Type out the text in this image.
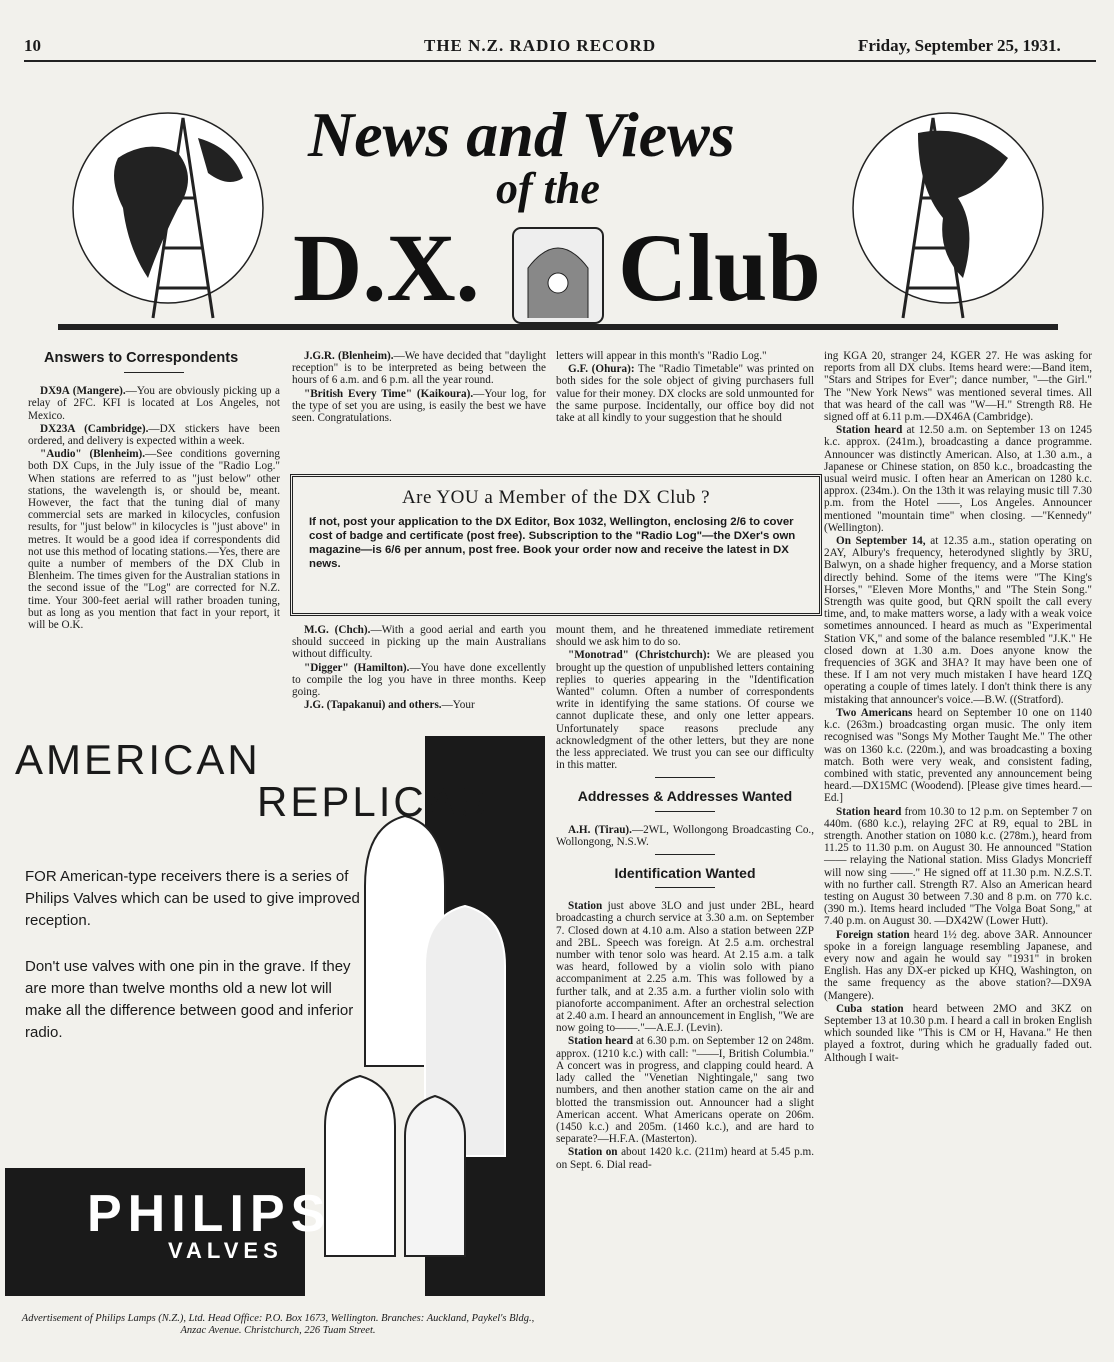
10	THE N.Z. RADIO RECORD	Friday, September 25, 1931.
News and Views
of the
D.X. Club
Answers to Correspondents

DX9A (Mangere).—You are obviously picking up a relay of 2FC. KFI is located at Los Angeles, not Mexico.

DX23A (Cambridge).—DX stickers have been ordered, and delivery is expected within a week.

"Audio" (Blenheim).—See conditions governing both DX Cups, in the July issue of the "Radio Log." When stations are referred to as "just below" other stations, the wavelength is, or should be, meant. However, the fact that the tuning dial of many commercial sets are marked in kilocycles, confusion results, for "just below" in kilocycles is "just above" in metres. It would be a good idea if correspondents did not use this method of locating stations.—Yes, there are quite a number of members of the DX Club in Blenheim. The times given for the Australian stations in the second issue of the "Log" are corrected for N.Z. time. Your 300-feet aerial will rather broaden tuning, but as long as you mention that fact in your report, it will be O.K.

J.G.R. (Blenheim).—We have decided that "daylight reception" is to be interpreted as being between the hours of 6 a.m. and 6 p.m. all the year round.

"British Every Time" (Kaikoura).—Your log, for the type of set you are using, is easily the best we have seen. Congratulations.

letters will appear in this month's "Radio Log."

G.F. (Ohura): The "Radio Timetable" was printed on both sides for the sole object of giving purchasers full value for their money. DX clocks are sold unmounted for the same purpose. Incidentally, our office boy did not take at all kindly to your suggestion that he should

Are YOU a Member of the DX Club ?
If not, post your application to the DX Editor, Box 1032, Wellington, enclosing 2/6 to cover cost of badge and certificate (post free). Subscription to the "Radio Log"—the DXer's own magazine—is 6/6 per annum, post free. Book your order now and receive the latest in DX news.

M.G. (Chch).—With a good aerial and earth you should succeed in picking up the main Australians without difficulty.

"Digger" (Hamilton).—You have done excellently to compile the log you have in three months. Keep going.

J.G. (Tapakanui) and others.—Your

mount them, and he threatened immediate retirement should we ask him to do so.

"Monotrad" (Christchurch): We are pleased you brought up the question of unpublished letters containing replies to queries appearing in the "Identification Wanted" column. Often a number of correspondents write in identifying the same stations. Of course we cannot duplicate these, and only one letter appears. Unfortunately space reasons preclude any acknowledgment of the other letters, but they are none the less appreciated. We trust you can see our difficulty in this matter.

Addresses & Addresses Wanted

A.H. (Tirau).—2WL, Wollongong Broadcasting Co., Wollongong, N.S.W.

Identification Wanted

Station just above 3LO and just under 2BL, heard broadcasting a church service at 3.30 a.m. on September 7. Closed down at 4.10 a.m. Also a station between 2ZP and 2BL. Speech was foreign. At 2.5 a.m. orchestral number with tenor solo was heard. At 2.15 a.m. a talk was heard, followed by a violin solo with piano accompaniment at 2.25 a.m. This was followed by a further talk, and at 2.35 a.m. a further violin solo with pianoforte accompaniment. After an orchestral selection at 2.40 a.m. I heard an announcement in English, "We are now going to——."—A.E.J. (Levin).

Station heard at 6.30 p.m. on September 12 on 248m. approx. (1210 k.c.) with call: "——I, British Columbia." A concert was in progress, and clapping could heard. A lady called the "Venetian Nightingale," sang two numbers, and then another station came on the air and blotted the transmission out. Announcer had a slight American accent. What Americans operate on 206m. (1450 k.c.) and 205m. (1460 k.c.), and are hard to separate?—H.F.A. (Masterton).

Station on about 1420 k.c. (211m) heard at 5.45 p.m. on Sept. 6. Dial read-

ing KGA 20, stranger 24, KGER 27. He was asking for reports from all DX clubs. Items heard were:—Band item, "Stars and Stripes for Ever"; dance number, "—the Girl." The "New York News" was mentioned several times. All that was heard of the call was "W—H." Strength R8. He signed off at 6.11 p.m.—DX46A (Cambridge).

Station heard at 12.50 a.m. on September 13 on 1245 k.c. approx. (241m.), broadcasting a dance programme. Announcer was distinctly American. Also, at 1.30 a.m., a Japanese or Chinese station, on 850 k.c., broadcasting the usual weird music. I often hear an American on 1280 k.c. approx. (234m.). On the 13th it was relaying music till 7.30 p.m. from the Hotel ——, Los Angeles. Announcer mentioned "mountain time" when closing. —"Kennedy" (Wellington).

On September 14, at 12.35 a.m., station operating on 2AY, Albury's frequency, heterodyned slightly by 3RU, Balwyn, on a shade higher frequency, and a Morse station directly behind. Some of the items were "The King's Horses," "Eleven More Months," and "The Stein Song." Strength was quite good, but QRN spoilt the call every time, and, to make matters worse, a lady with a weak voice sometimes announced. I heard as much as "Experimental Station VK," and some of the balance resembled "J.K." He closed down at 1.30 a.m. Does anyone know the frequencies of 3GK and 3HA? It may have been one of these. If I am not very much mistaken I have heard 1ZQ operating a couple of times lately. I don't think there is any mistaking that announcer's voice.—B.W. ((Stratford).

Two Americans heard on September 10 one on 1140 k.c. (263m.) broadcasting organ music. The only item recognised was "Songs My Mother Taught Me." The other was on 1360 k.c. (220m.), and was broadcasting a boxing match. Both were very weak, and consistent fading, combined with static, prevented any announcement being heard.—DX15MC (Woodend). [Please give times heard.—Ed.]

Station heard from 10.30 to 12 p.m. on September 7 on 440m. (680 k.c.), relaying 2FC at R9, equal to 2BL in strength. Another station on 1080 k.c. (278m.), heard from 11.25 to 11.30 p.m. on August 30. He announced "Station —— relaying the National station. Miss Gladys Moncrieff will now sing ——." He signed off at 11.30 p.m. N.Z.S.T. with no further call. Strength R7. Also an American heard testing on August 30 between 7.30 and 8 p.m. on 770 k.c. (390 m.). Items heard included "The Volga Boat Song," at 7.40 p.m. on August 30. —DX42W (Lower Hutt).

Foreign station heard 1½ deg. above 3AR. Announcer spoke in a foreign language resembling Japanese, and every now and again he would say "1931" in broken English. Has any DX-er picked up KHQ, Washington, on the same frequency as the above station?—DX9A (Mangere).

Cuba station heard between 2MO and 3KZ on September 13 at 10.30 p.m. I heard a call in broken English which sounded like "This is CM or H, Havana." He then played a foxtrot, during which he gradually faded out. Although I wait-

AMERICAN
REPLICAS
FOR American-type receivers there is a series of Philips Valves which can be used to give improved reception.
Don't use valves with one pin in the grave. If they are more than twelve months old a new lot will make all the difference between good and inferior radio.
PHILIPS
VALVES
Advertisement of Philips Lamps (N.Z.), Ltd. Head Office: P.O. Box 1673, Wellington. Branches: Auckland, Paykel's Bldg., Anzac Avenue. Christchurch, 226 Tuam Street.
